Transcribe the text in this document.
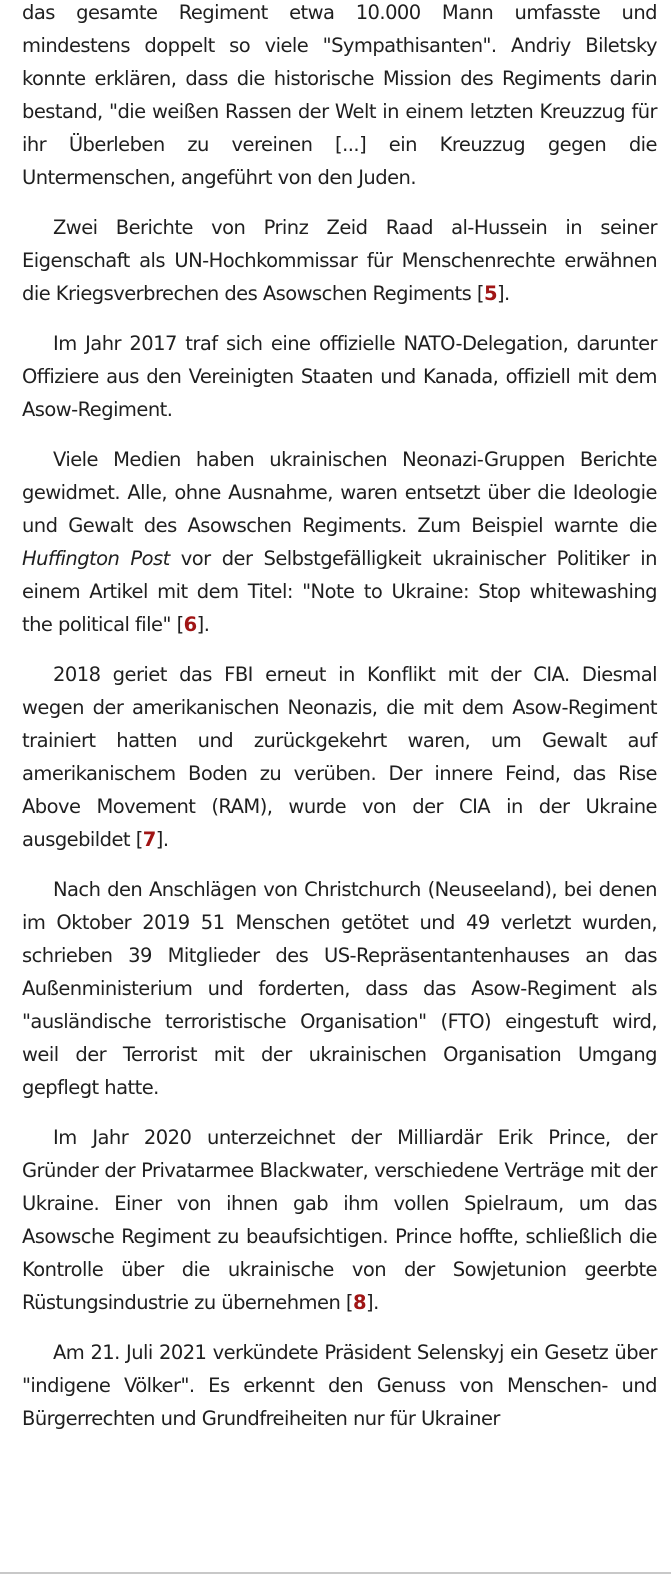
das gesamte Regiment etwa 10.000 Mann umfasste und mindestens doppelt so viele "Sympathisanten". Andriy Biletsky konnte erklären, dass die historische Mission des Regiments darin bestand, "die weißen Rassen der Welt in einem letzten Kreuzzug für ihr Überleben zu vereinen [...] ein Kreuzzug gegen die Untermenschen, angeführt von den Juden.

Zwei Berichte von Prinz Zeid Raad al-Hussein in seiner Eigenschaft als UN-Hochkommissar für Menschenrechte erwähnen die Kriegsverbrechen des Asowschen Regiments [5].

Im Jahr 2017 traf sich eine offizielle NATO-Delegation, darunter Offiziere aus den Vereinigten Staaten und Kanada, offiziell mit dem Asow-Regiment.

Viele Medien haben ukrainischen Neonazi-Gruppen Berichte gewidmet. Alle, ohne Ausnahme, waren entsetzt über die Ideologie und Gewalt des Asowschen Regiments. Zum Beispiel warnte die Huffington Post vor der Selbstgefälligkeit ukrainischer Politiker in einem Artikel mit dem Titel: "Note to Ukraine: Stop whitewashing the political file" [6].

2018 geriet das FBI erneut in Konflikt mit der CIA. Diesmal wegen der amerikanischen Neonazis, die mit dem Asow-Regiment trainiert hatten und zurückgekehrt waren, um Gewalt auf amerikanischem Boden zu verüben. Der innere Feind, das Rise Above Movement (RAM), wurde von der CIA in der Ukraine ausgebildet [7].

Nach den Anschlägen von Christchurch (Neuseeland), bei denen im Oktober 2019 51 Menschen getötet und 49 verletzt wurden, schrieben 39 Mitglieder des US-Repräsentantenhauses an das Außenministerium und forderten, dass das Asow-Regiment als "ausländische terroristische Organisation" (FTO) eingestuft wird, weil der Terrorist mit der ukrainischen Organisation Umgang gepflegt hatte.

Im Jahr 2020 unterzeichnet der Milliardär Erik Prince, der Gründer der Privatarmee Blackwater, verschiedene Verträge mit der Ukraine. Einer von ihnen gab ihm vollen Spielraum, um das Asowsche Regiment zu beaufsichtigen. Prince hoffte, schließlich die Kontrolle über die ukrainische von der Sowjetunion geerbte Rüstungsindustrie zu übernehmen [8].

Am 21. Juli 2021 verkündete Präsident Selenskyj ein Gesetz über "indigene Völker". Es erkennt den Genuss von Menschen- und Bürgerrechten und Grundfreiheiten nur für Ukrainer
